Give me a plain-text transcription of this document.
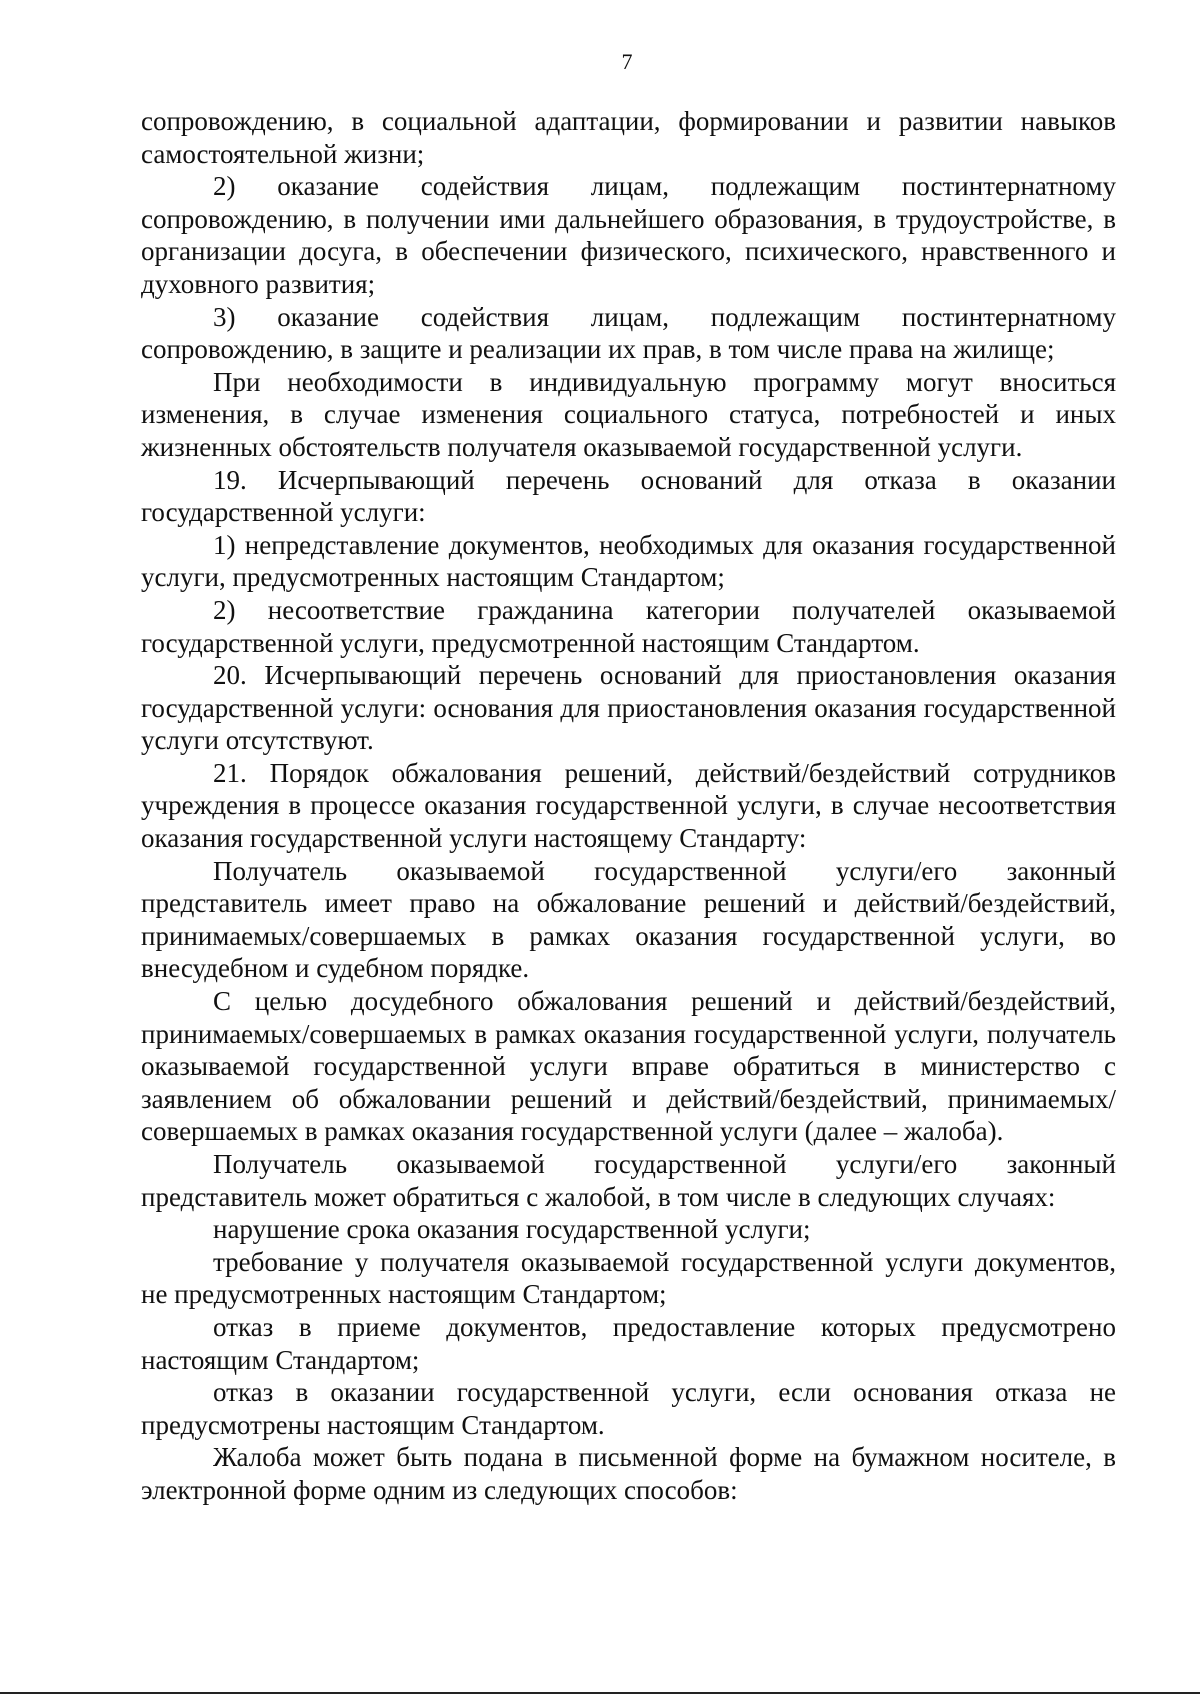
7

сопровождению, в социальной адаптации, формировании и развитии навыков самостоятельной жизни;

2) оказание содействия лицам, подлежащим постинтернатному сопровождению, в получении ими дальнейшего образования, в трудоустройстве, в организации досуга, в обеспечении физического, психического, нравственного и духовного развития;

3) оказание содействия лицам, подлежащим постинтернатному сопровождению, в защите и реализации их прав, в том числе права на жилище;

При необходимости в индивидуальную программу могут вноситься изменения, в случае изменения социального статуса, потребностей и иных жизненных обстоятельств получателя оказываемой государственной услуги.

19. Исчерпывающий перечень оснований для отказа в оказании государственной услуги:

1) непредставление документов, необходимых для оказания государственной услуги, предусмотренных настоящим Стандартом;

2) несоответствие гражданина категории получателей оказываемой государственной услуги, предусмотренной настоящим Стандартом.

20. Исчерпывающий перечень оснований для приостановления оказания государственной услуги: основания для приостановления оказания государственной услуги отсутствуют.

21. Порядок обжалования решений, действий/бездействий сотрудников учреждения в процессе оказания государственной услуги, в случае несоответствия оказания государственной услуги настоящему Стандарту:

Получатель оказываемой государственной услуги/его законный представитель имеет право на обжалование решений и действий/бездействий, принимаемых/совершаемых в рамках оказания государственной услуги, во внесудебном и судебном порядке.

С целью досудебного обжалования решений и действий/бездействий, принимаемых/совершаемых в рамках оказания государственной услуги, получатель оказываемой государственной услуги вправе обратиться в министерство с заявлением об обжаловании решений и действий/бездействий, принимаемых/совершаемых в рамках оказания государственной услуги (далее – жалоба).

Получатель оказываемой государственной услуги/его законный представитель может обратиться с жалобой, в том числе в следующих случаях:

нарушение срока оказания государственной услуги;

требование у получателя оказываемой государственной услуги документов, не предусмотренных настоящим Стандартом;

отказ в приеме документов, предоставление которых предусмотрено настоящим Стандартом;

отказ в оказании государственной услуги, если основания отказа не предусмотрены настоящим Стандартом.

Жалоба может быть подана в письменной форме на бумажном носителе, в электронной форме одним из следующих способов:
